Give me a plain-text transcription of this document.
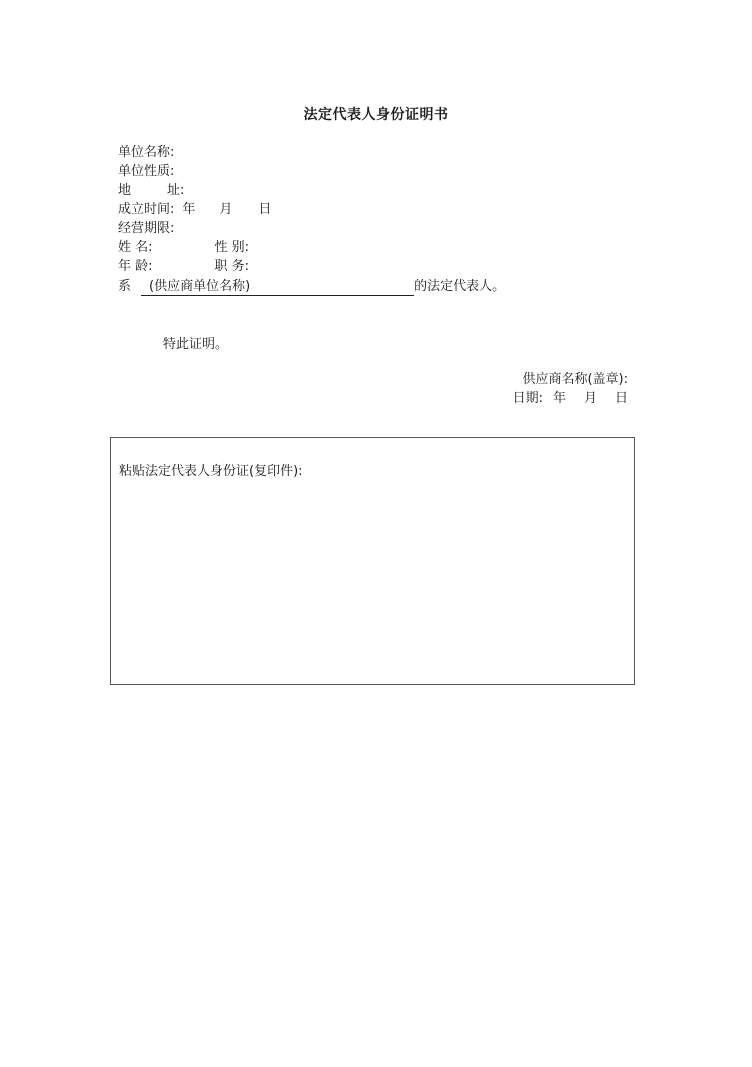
法定代表人身份证明书
单位名称:
单位性质:
地	址:
成立时间: 年 月 日
经营期限:
姓 名:	性 别:
年 龄:	职 务:
系 (供应商单位名称)	的法定代表人。
特此证明。
供应商名称(盖章):
日期: 年 月 日
粘贴法定代表人身份证(复印件):
